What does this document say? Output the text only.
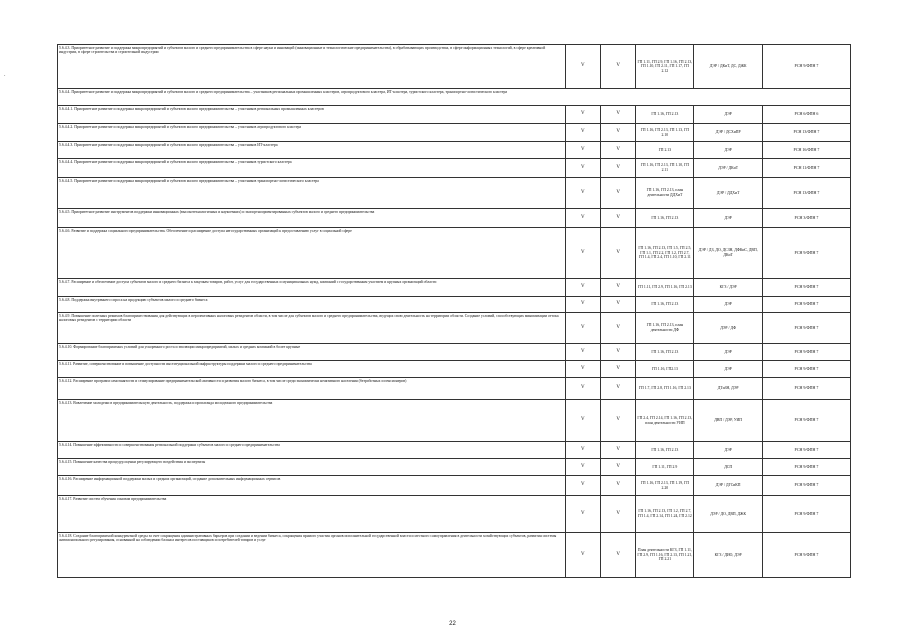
.
5.6.4.3. Приоритетное развитие и поддержка микропредприятий и субъектов малого и среднего предпринимательства в сфере науки и инноваций (инновационные и технологические предпринимательства), в обрабатывающих производствах, в сфере информационных технологий, в сфере креативной индустрии, в сфере строительства и строительной индустрии	V	V	ГП 1.11, ГП 2.9, ГП 1.16, ГП 2.13, ГП 1.10, ГП 2.11, ГП 1.17, ГП 2.12	ДЭР / ДКиТ, ДС, ДЖК	РСН 9/ФПН 7
5.6.4.4. Приоритетное развитие и поддержка микропредприятий и субъектов малого и среднего предпринимательства – участников региональных промышленных кластеров, агропродуктового кластера, ИТ-кластера, туристского кластера, транспортно-логистического кластера					
5.6.4.4.1. Приоритетное развитие и поддержка микропредприятий и субъектов малого предпринимательства – участников региональных промышленных кластеров	V	V	ГП 1.16, ГП 2.13	ДЭР	РСН 6/ФПН 6
5.6.4.4.2. Приоритетное развитие и поддержка микропредприятий и субъектов малого предпринимательства – участников агропродуктового кластера	V	V	ГП 1.16, ГП 2.13, ГП 1.13, ГП 2.10	ДЭР / ДСХиПР	РСН 13/ФПН 7
5.6.4.4.3. Приоритетное развитие и поддержка микропредприятий и субъектов малого предпринимательства – участников ИТ-кластера	V	V	ГП 2.13	ДЭР	РСН 16/ФПН 7
5.6.4.4.4. Приоритетное развитие и поддержка микропредприятий и субъектов малого предпринимательства – участников туристского кластера	V	V	ГП 1.16, ГП 2.13, ГП 1.10, ГП 2.11	ДЭР / ДКиТ	РСН 11/ФПН 7
5.6.4.4.5. Приоритетное развитие и поддержка микропредприятий и субъектов малого предпринимательства – участников транспортно-логистического кластера	V	V	ГП 1.16, ГП 2.13, план деятельности ДДХиТ	ДЭР / ДДХиТ	РСН 13/ФПН 7
5.6.4.5. Приоритетное развитие инструментов поддержки инновационных (высокотехнологичных и наукоемких) и экспортноориентированных субъектов малого и среднего предпринимательства	V	V	ГП 1.16, ГП 2.13	ДЭР	РСН 3/ФПН 7
5.6.4.6. Развитие и поддержка социального предпринимательства. Обеспечение и расширение доступа негосударственных организаций к предоставлению услуг в социальной сфере	V	V	ГП 1.16, ГП 2.13, ГП 1.5, ГП 2.5, ГП 1.1, ГП 2.2, ГП 1.2, ГП 2.7, ГП 1.4, ГП 2.4, ГП 1.10, ГП 2.11	ДЭР / ДЗ, ДО, ДСЗН, ДФКиС, ДВП, ДКиТ	РСН 9/ФПН 7
5.6.4.7. Расширение и обеспечение доступа субъектов малого и среднего бизнеса к закупкам товаров, работ, услуг для государственных и муниципальных нужд, компаний с государственным участием и крупных организаций области	V	V	ГП 1.11, ГП 2.9, ГП 1.16, ГП 2.13	КГЗ / ДЭР	РСН 9/ФПН 7
5.6.4.8. Поддержка внутреннего спроса на продукцию субъектов малого и среднего бизнеса	V	V	ГП 1.16, ГП 2.13	ДЭР	РСН 9/ФПН 7
5.6.4.9. Повышение полезных режимов благоприятствования для действующих в перспективных налоговых резидентов области, в том числе для субъектов малого и среднего предпринимательства, ведущих свою деятельность на территории области. Создание условий, способствующих минимизации оттока налоговых резидентов с территории области	V	V	ГП 1.16, ГП 2.13, план деятельности ДФ	ДЭР / ДФ	РСН 9/ФПН 7
5.6.4.10. Формирование благоприятных условий для ускоренного роста и эволюции микропредприятий, малых и средних компаний в более крупные	V	V	ГП 1.16, ГП 2.13	ДЭР	РСН 9/ФПН 7
5.6.4.11. Развитие, совершенствование и повышение доступности институциональной инфраструктуры поддержки малого и среднего предпринимательства	V	V	ГП 1.16, ГП2.13	ДЭР	РСН 9/ФПН 7
5.6.4.12. Расширение программ самозанятости и стимулирование предпринимательской активности и развития малого бизнеса, в том числе среди экономически неактивного населения (безработных и пенсионеров)	V	V	ГП 1.7, ГП 2.8, ГП 1.16, ГП 2.13	ДТиЗН, ДЭР	РСН 9/ФПН 7
5.6.4.13. Вовлечение молодежи в предпринимательскую деятельность, поддержка и пропаганда молодежного предпринимательства	V	V	ГП 2.4, ГП 2.14, ГП 1.16, ГП 2.13, план деятельности УИП	ДВП / ДЭР, УИП	РСН 9/ФПН 7
5.6.4.14. Повышение эффективности и совершенствования региональной поддержки субъектов малого и среднего предпринимательства	V	V	ГП 1.16, ГП 2.13	ДЭР	РСН 9/ФПН 7
5.6.4.15. Повышение качества процедур оценки регулирующего воздействия и экспертизы	V	V	ГП 1.11, ГП 2.9	ДСП	РСН 9/ФПН 7
5.6.4.16. Расширение информационной поддержки малых и средних организаций, создание дополнительных информационных сервисов	V	V	ГП 1.16, ГП 2.13, ГП 1.19, ГП 2.20	ДЭР / ДГСиКП	РСН 9/ФПН 7
5.6.4.17. Развитие систем обучения основам предпринимательства	V	V	ГП 1.16, ГП 2.13, ГП 1.2, ГП 2.7, ГП 1.4, ГП 2.14, ГП 1.24, ГП 2.12	ДЭР / ДО, ДВП, ДЖК	РСН 9/ФПН 7
5.6.4.18. Создание благоприятной конкурентной среды за счет сокращения административных барьеров при создании и ведении бизнеса, сокращения прямого участия органов исполнительной государственной власти и местного самоуправления в деятельности хозяйствующих субъектов, развития системы антимонопольного регулирования, основанной на соблюдении баланса интересов поставщиков и потребителей товаров и услуг	V	V	План деятельности КГЗ, ГП 1.11, ГП 2.9, ГП 1.16, ГП 2.13, ГП 1.21, ГП 2.21	КГЗ / ДИО, ДЭР	РСН 9/ФПН 7
22
